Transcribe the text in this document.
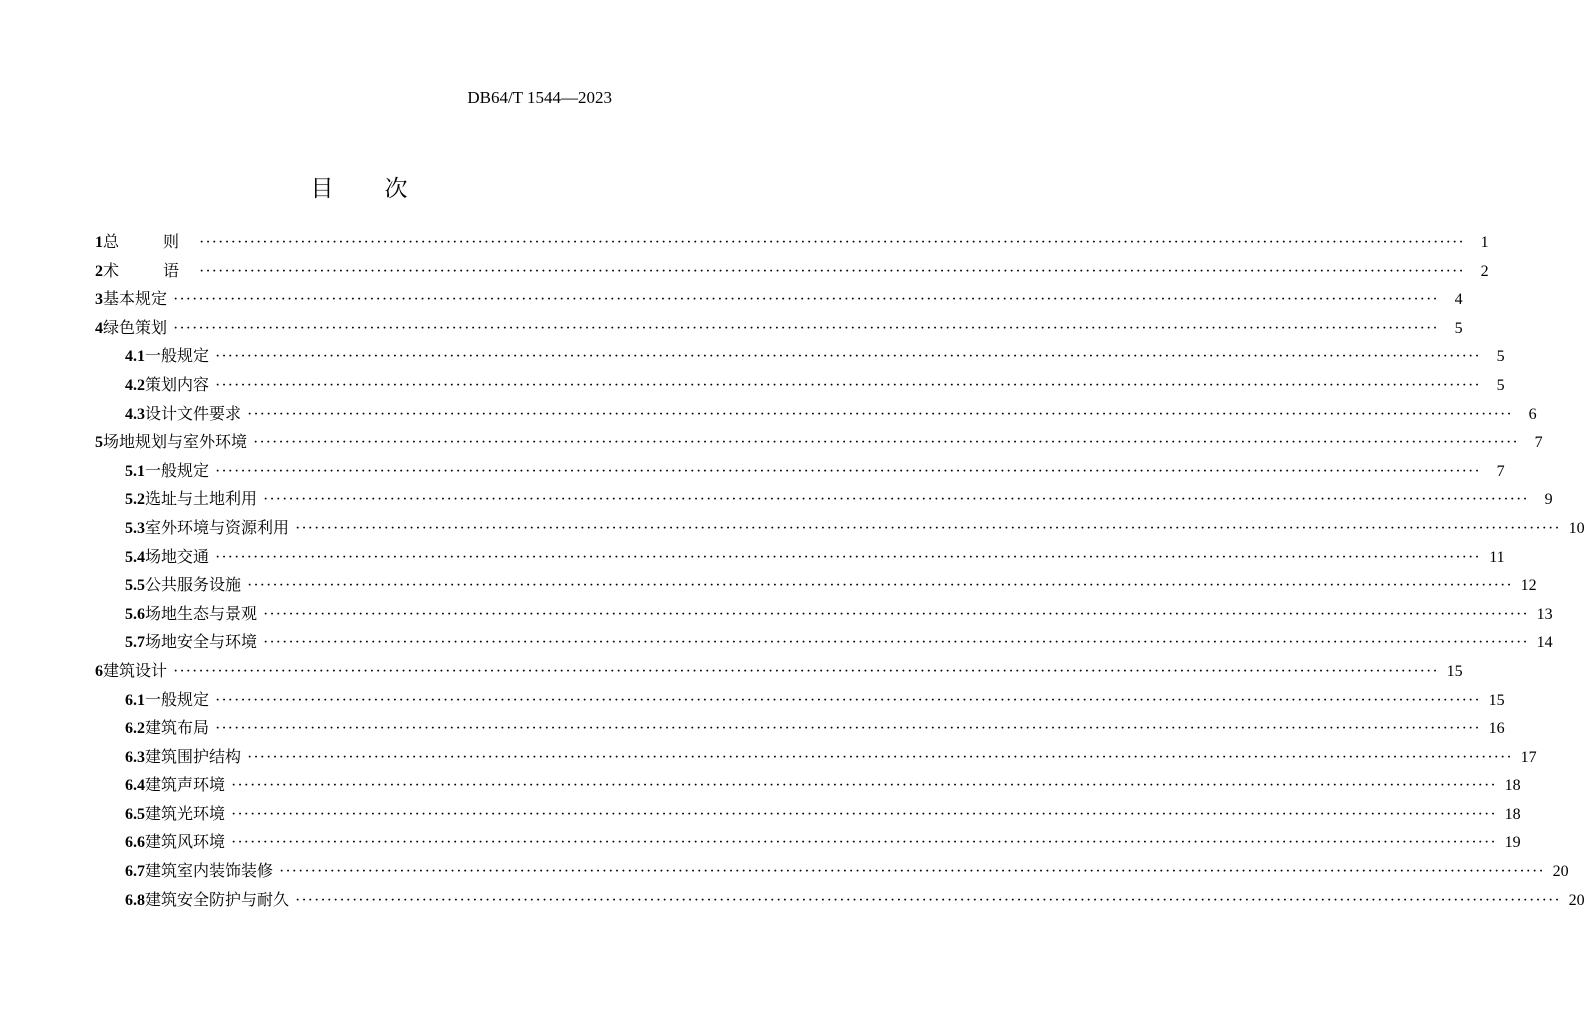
DB64/T 1544—2023
目　次
1 总　则 ········································································································································································································	1
2 术　语 ········································································································································································································	2
3 基本规定 ········································································································································································································	4
4 绿色策划 ········································································································································································································	5
4.1 一般规定 ········································································································································································································	5
4.2 策划内容 ········································································································································································································	5
4.3 设计文件要求 ········································································································································································································	6
5 场地规划与室外环境 ········································································································································································································	7
5.1 一般规定 ········································································································································································································	7
5.2 选址与土地利用 ········································································································································································································	9
5.3 室外环境与资源利用 ········································································································································································································ 10
5.4 场地交通 ········································································································································································································ 11
5.5 公共服务设施 ········································································································································································································ 12
5.6 场地生态与景观 ········································································································································································································ 13
5.7 场地安全与环境 ········································································································································································································ 14
6 建筑设计 ········································································································································································································ 15
6.1 一般规定 ········································································································································································································ 15
6.2 建筑布局 ········································································································································································································ 16
6.3 建筑围护结构 ········································································································································································································ 17
6.4 建筑声环境 ········································································································································································································ 18
6.5 建筑光环境 ········································································································································································································ 18
6.6 建筑风环境 ········································································································································································································ 19
6.7 建筑室内装饰装修 ········································································································································································································ 20
6.8 建筑安全防护与耐久 ········································································································································································································ 20
